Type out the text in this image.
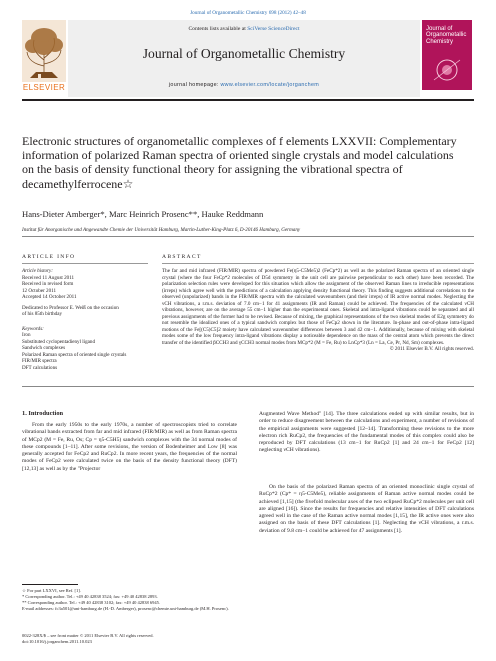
Journal of Organometallic Chemistry 698 (2012) 42–48
ELSEVIER
Contents lists available at SciVerse ScienceDirect
Journal of Organometallic Chemistry
journal homepage: www.elsevier.com/locate/jorganchem
Journal of Organometallic Chemistry
Electronic structures of organometallic complexes of f elements LXXVII: Complementary information of polarized Raman spectra of oriented single crystals and model calculations on the basis of density functional theory for assigning the vibrational spectra of decamethylferrocene☆
Hans-Dieter Amberger*, Marc Heinrich Prosenc**, Hauke Reddmann
Institut für Anorganische und Angewandte Chemie der Universität Hamburg, Martin-Luther-King-Platz 6, D-20146 Hamburg, Germany
ARTICLE INFO
Article history:
Received 11 August 2011
Received in revised form
12 October 2011
Accepted 14 October 2011
Dedicated to Professor E. Weiß on the occasion of his 85th birthday
Keywords:
Iron
Substituted cyclopentadienyl ligand
Sandwich complexes
Polarized Raman spectra of oriented single crystals
FIR/MIR spectra
DFT calculations
ABSTRACT
The far and mid infrared (FIR/MIR) spectra of powdered Fe(η5-C5Me5)2 (FeCp*2) as well as the polarized Raman spectra of an oriented single crystal (where the four FeCp*2 molecules of D5d symmetry in the unit cell are pairwise perpendicular to each other) have been recorded. The polarization selection rules were developed for this situation which allow the assignment of the observed Raman lines to irreducible representations (irreps) which agree well with the predictions of a calculation applying density functional theory. This finding suggests additional correlations to the observed (unpolarized) bands in the FIR/MIR spectra with the calculated wavenumbers (and their irreps) of IR active normal modes. Neglecting the νCH vibrations, a r.m.s. deviation of 7.0 cm−1 for 41 assignments (IR and Raman) could be achieved. The frequencies of the calculated νCH vibrations, however, are on the average 55 cm−1 higher than the experimental ones. Skeletal and intra-ligand vibrations could be separated and all previous assignments of the former had to be revised. Because of mixing, the graphical representations of the two skeletal modes of E2g symmetry do not resemble the idealized ones of a typical sandwich complex but those of FeCp2 shown in the literature. In-phase and out-of-phase intra-ligand motions of the Fe[(C5)C5]2 moiety have calculated wavenumber differences between 3 and 42 cm−1. Additionally, because of mixing with skeletal modes some of the low frequency intra-ligand vibrations display a noticeable dependence on the mass of the central atom which prevents the direct transfer of the identified βCCH3 and γCCH3 normal modes from MCp*2 (M = Fe, Ru) to LnCp*3 (Ln = La, Ce, Pr, Nd, Sm) complexes.
© 2011 Elsevier B.V. All rights reserved.
1. Introduction
From the early 1950s to the early 1970s, a number of spectroscopists tried to correlate vibrational bands extracted from far and mid infrared (FIR/MIR) as well as from Raman spectra of MCp2 (M = Fe, Ru, Os; Cp = η5-C5H5) sandwich complexes with the 34 normal modes of these compounds [1–11]. After some revisions, the version of Bodenheimer and Low [8] was generally accepted for FeCp2 and RuCp2. In more recent years, the frequencies of the normal modes of FeCp2 were calculated twice on the basis of the density functional theory (DFT) [12,13] as well as by the "Projector
Augmented Wave Method" [14]. The three calculations ended up with similar results, but in order to reduce disagreement between the calculations and experiment, a number of revisions of the empirical assignments were suggested [12–14]. Transforming these revisions to the more electron rich RuCp2, the frequencies of the fundamental modes of this complex could also be reproduced by DFT calculations (13 cm−1 for RuCp2 [1] and 24 cm−1 for FeCp2 [12] neglecting νCH vibrations).
On the basis of the polarized Raman spectra of an oriented monoclinic single crystal of RuCp*2 (Cp* = η5-C5Me5), reliable assignments of Raman active normal modes could be achieved [1,15] (the fivefold molecular axes of the two eclipsed RuCp*2 molecules per unit cell are aligned [16]). Since the results for frequencies and relative intensities of DFT calculations agreed well in the case of the Raman active normal modes [1,15], the IR active ones were also assigned on the basis of these DFT calculations [1]. Neglecting the νCH vibrations, a r.m.s. deviation of 9.8 cm−1 could be achieved for 47 assignments [1].
☆ For part LXXVI, see Ref. [1].
* Corresponding author. Tel.: +49 40 42838 3524; fax: +49 40 42838 2893.
** Corresponding author. Tel.: +49 40 42838 3102; fax: +49 40 42838 6945.
E-mail addresses: fc3a501@uni-hamburg.de (H.-D. Amberger), prosenc@chemie.uni-hamburg.de (M.H. Prosenc).
0022-328X/$ – see front matter © 2011 Elsevier B.V. All rights reserved.
doi:10.1016/j.jorganchem.2011.10.023
